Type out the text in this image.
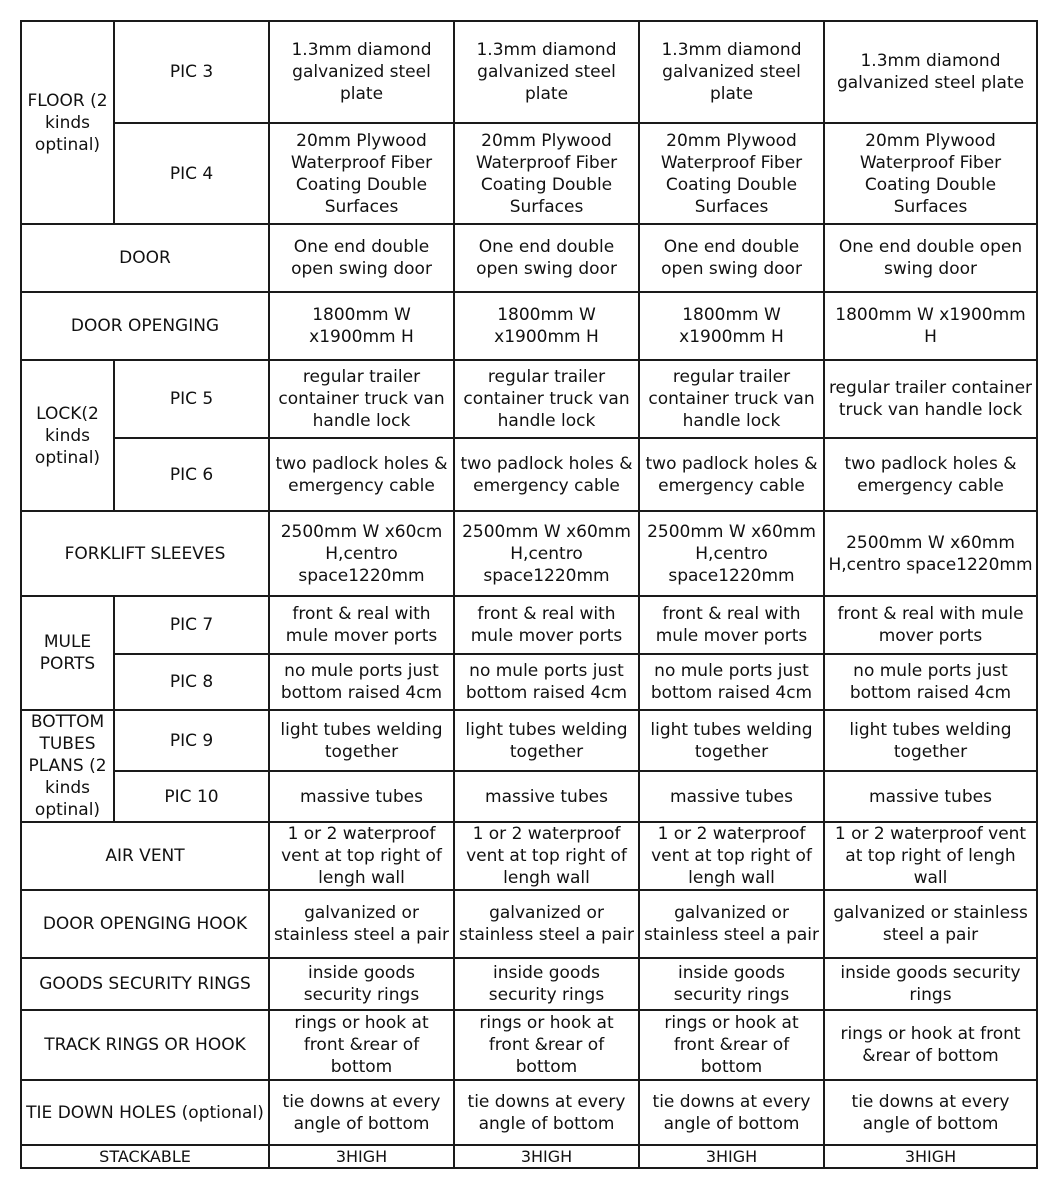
FLOOR (2 kinds optinal)	PIC 3	1.3mm diamond galvanized steel plate	1.3mm diamond galvanized steel plate	1.3mm diamond galvanized steel plate	1.3mm diamond galvanized steel plate
	PIC 4	20mm Plywood Waterproof Fiber Coating Double Surfaces	20mm Plywood Waterproof Fiber Coating Double Surfaces	20mm Plywood Waterproof Fiber Coating Double Surfaces	20mm Plywood Waterproof Fiber Coating Double Surfaces
DOOR		One end double open swing door	One end double open swing door	One end double open swing door	One end double open swing door
DOOR OPENGING		1800mm W x1900mm H	1800mm W x1900mm H	1800mm W x1900mm H	1800mm W x1900mm H
LOCK(2 kinds optinal)	PIC 5	regular trailer container truck van handle lock	regular trailer container truck van handle lock	regular trailer container truck van handle lock	regular trailer container truck van handle lock
	PIC 6	two padlock holes & emergency cable	two padlock holes & emergency cable	two padlock holes & emergency cable	two padlock holes & emergency cable
FORKLIFT SLEEVES		2500mm W x60cm H,centro space1220mm	2500mm W x60mm H,centro space1220mm	2500mm W x60mm H,centro space1220mm	2500mm W x60mm H,centro space1220mm
MULE PORTS	PIC 7	front & real with mule mover ports	front & real with mule mover ports	front & real with mule mover ports	front & real with mule mover ports
	PIC 8	no mule ports just bottom raised 4cm	no mule ports just bottom raised 4cm	no mule ports just bottom raised 4cm	no mule ports just bottom raised 4cm
BOTTOM TUBES PLANS (2 kinds optinal)	PIC 9	light tubes welding together	light tubes welding together	light tubes welding together	light tubes welding together
	PIC 10	massive tubes	massive tubes	massive tubes	massive tubes
AIR VENT		1 or 2 waterproof vent at top right of lengh wall	1 or 2 waterproof vent at top right of lengh wall	1 or 2 waterproof vent at top right of lengh wall	1 or 2 waterproof vent at top right of lengh wall
DOOR OPENGING HOOK		galvanized or stainless steel a pair	galvanized or stainless steel a pair	galvanized or stainless steel a pair	galvanized or stainless steel a pair
GOODS SECURITY RINGS		inside goods security rings	inside goods security rings	inside goods security rings	inside goods security rings
TRACK RINGS OR HOOK		rings or hook at front &rear of bottom	rings or hook at front &rear of bottom	rings or hook at front &rear of bottom	rings or hook at front &rear of bottom
TIE DOWN HOLES (optional)		tie downs at every angle of bottom	tie downs at every angle of bottom	tie downs at every angle of bottom	tie downs at every angle of bottom
STACKABLE		3HIGH	3HIGH	3HIGH	3HIGH
